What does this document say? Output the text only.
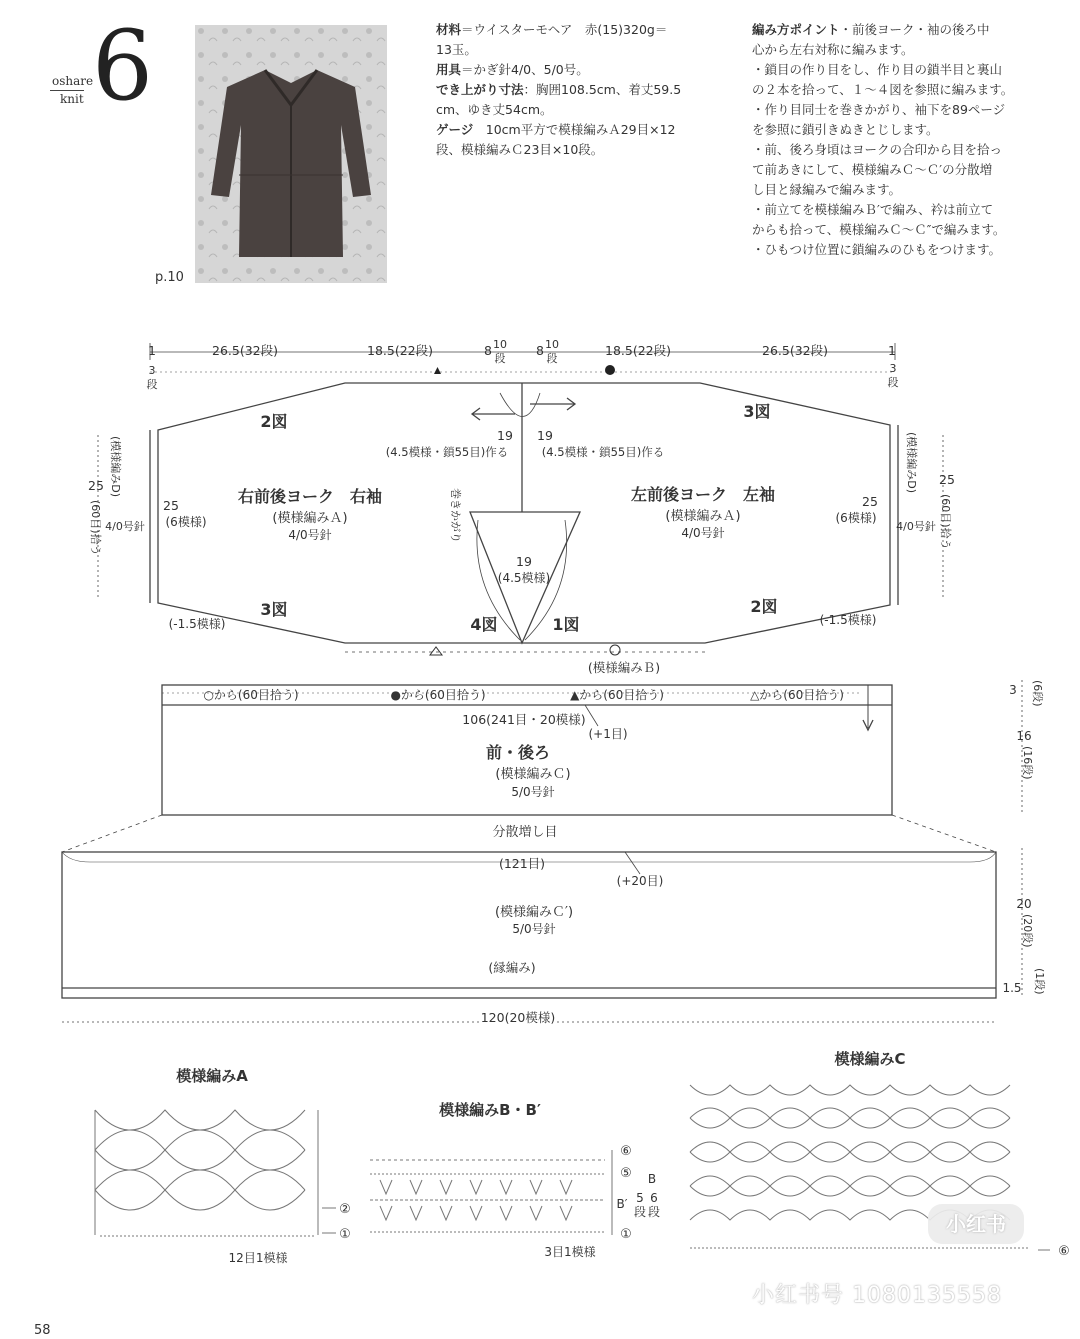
6
oshare
knit
p.10

材料＝ウイスターモヘア　赤(15)320g＝

13玉。

用具＝かぎ針4/0、5/0号。

でき上がり寸法：胸囲108.5cm、着丈59.5

cm、ゆき丈54cm。

ゲージ　10cm平方で模様編みＡ29目×12

段、模様編みＣ23目×10段。

編み方ポイント・前後ヨーク・袖の後ろ中

心から左右対称に編みます。

・鎖目の作り目をし、作り目の鎖半目と裏山

の２本を拾って、１～４図を参照に編みます。

・作り目同士を巻きかがり、袖下を89ページ

を参照に鎖引きぬきとじします。

・前、後ろ身頃はヨークの合印から目を拾っ

て前あきにして、模様編みＣ～Ｃ′の分散増

し目と縁編みで編みます。

・前立てを模様編みＢ′で編み、衿は前立て

からも拾って、模様編みＣ～Ｃ″で編みます。

・ひもつけ位置に鎖編みのひもをつけます。

1	26.5(32段)	18.5(22段)	8 10
段
8 10
段
18.5(22段)	26.5(32段)	1
3
段
3
段
2図
3図
3図	2図
4図	1図
19 19
(4.5模様・鎖55目)作る	(4.5模様・鎖55目)作る
19
(4.5模様)
右前後ヨーク　右袖
(模様編みＡ)
4/0号針
左前後ヨーク　左袖
(模様編みＡ)
4/0号針
25
(6模様)
25
(6模様)
(-1.5模様)	(-1.5模様)
25	25
(模様編みD)	(模様編みD)
(60目)拾う	(60目)拾う
4/0号針	4/0号針
巻きかがり
(模様編みＢ)
○から(60目拾う)	●から(60目拾う)	▲から(60目拾う)	△から(60目拾う)
106(241目・20模様)
(+1目)
前・後ろ
(模様編みＣ)
5/0号針
分散増し目
(121目)
(+20目)
(模様編みＣ′)
5/0号針
(縁編み)
120(20模様)
3 (6段)
16
(16段)
20
(20段)
1.5 (1段)
模様編みA
②
①
12目1模様
模様編みB・B′
⑥
⑤
①
B
B′ 5
段
6
段
3目1模様
模様編みC
⑥
58
小红书
小红书号 1080135558
